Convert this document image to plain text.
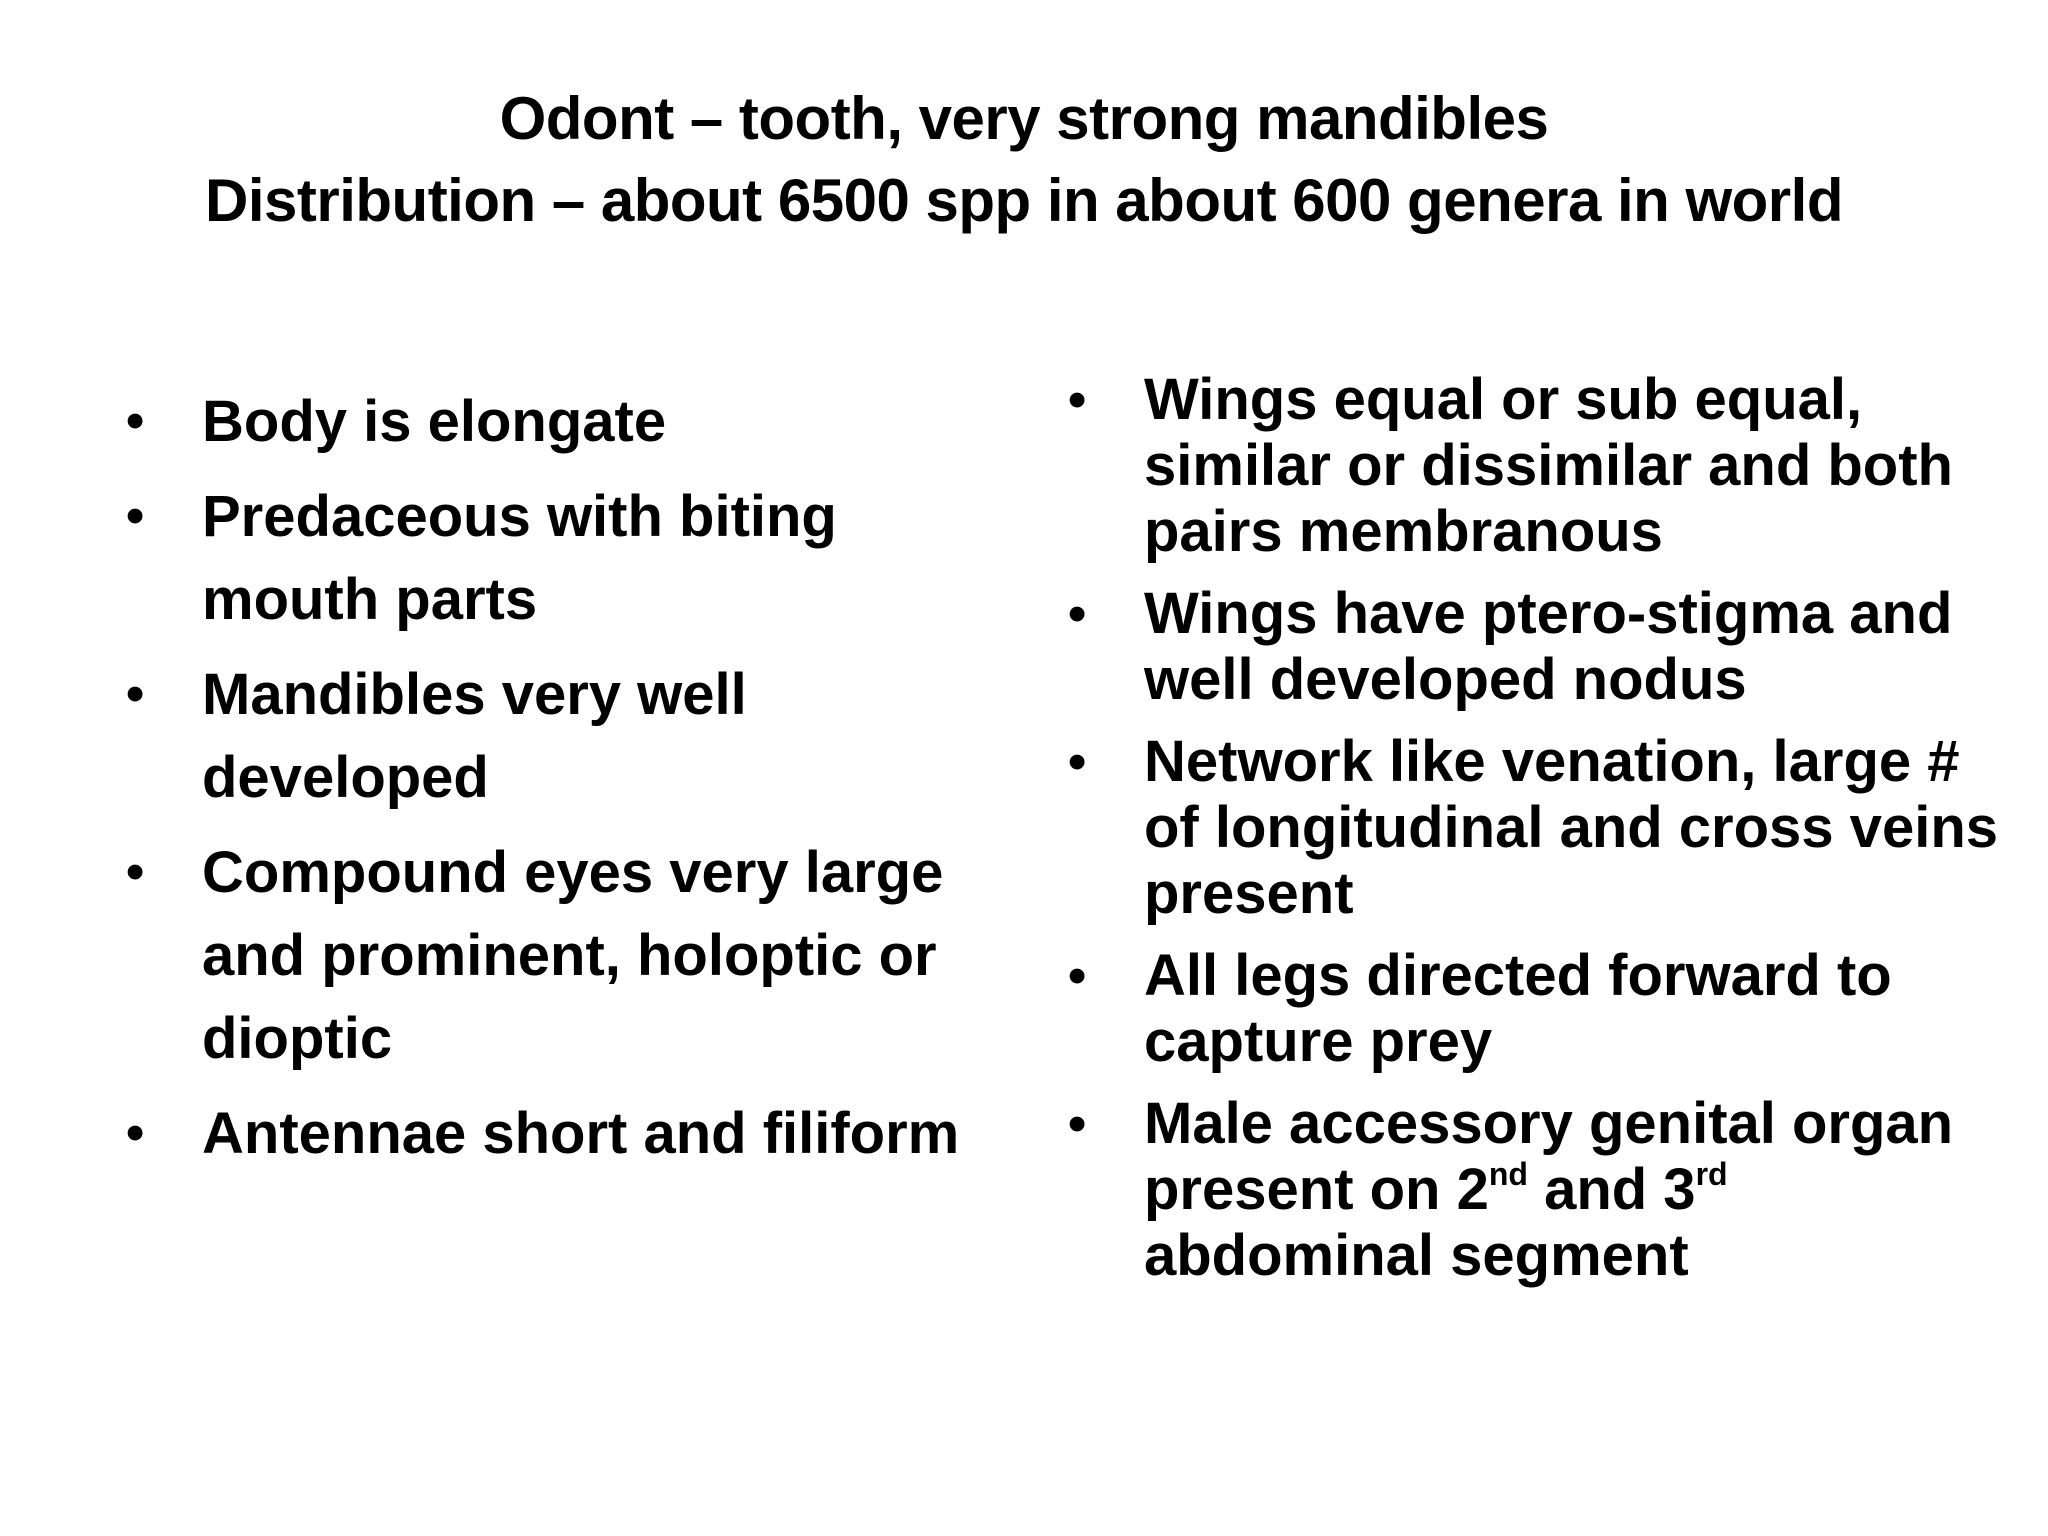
Odont – tooth, very strong mandibles
Distribution – about 6500 spp in about 600 genera in world
• Body is elongate
• Predaceous with biting mouth parts
• Mandibles very well developed
• Compound eyes very large and prominent, holoptic or dioptic
• Antennae short and filiform
• Wings equal or sub equal, similar or dissimilar and both pairs membranous
• Wings have ptero-stigma and well developed nodus
• Network like venation, large # of longitudinal and cross veins present
• All legs directed forward to capture prey
• Male accessory genital organ present on 2nd and 3rd abdominal segment
